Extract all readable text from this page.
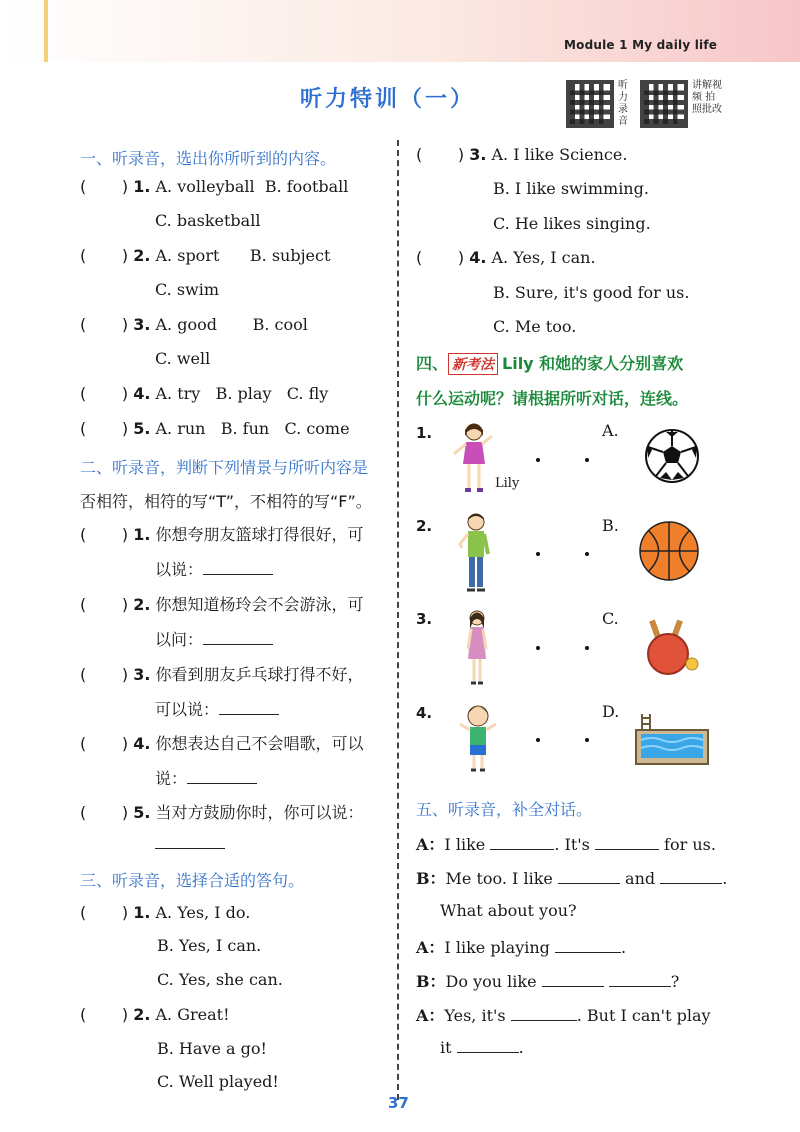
Module 1 My daily life
听力特训（一）
听力录音
讲解视频 拍照批改
一、听录音，选出你所听到的内容。
(       ) 1. A. volleyball B. football
C. basketball
(       ) 2. A. sport B. subject
C. swim
(       ) 3. A. good B. cool
C. well
(       ) 4. A. try B. play C. fly
(       ) 5. A. run B. fun C. come
二、听录音，判断下列情景与所听内容是
否相符，相符的写“T”，不相符的写“F”。
(       ) 1. 你想夸朋友篮球打得很好，可
以说：
(       ) 2. 你想知道杨玲会不会游泳，可
以问：
(       ) 3. 你看到朋友乒乓球打得不好，
可以说：
(       ) 4. 你想表达自己不会唱歌，可以
说：
(       ) 5. 当对方鼓励你时，你可以说：
三、听录音，选择合适的答句。
(       ) 1. A. Yes, I do.
B. Yes, I can.
C. Yes, she can.
(       ) 2. A. Great!
B. Have a go!
C. Well played!
(       ) 3. A. I like Science.
B. I like swimming.
C. He likes singing.
(       ) 4. A. Yes, I can.
B. Sure, it's good for us.
C. Me too.
四、 新考法 Lily 和她的家人分别喜欢
什么运动呢？请根据所听对话，连线。
1.
2.
3.
4.
Lily
A.
B.
C.
D.
五、听录音，补全对话。
A：I like	. It's	for us.
B：Me too. I like	and	.
What about you?
A：I like playing	.
B：Do you like	?
A：Yes, it's	. But I can't play
it	.
37
